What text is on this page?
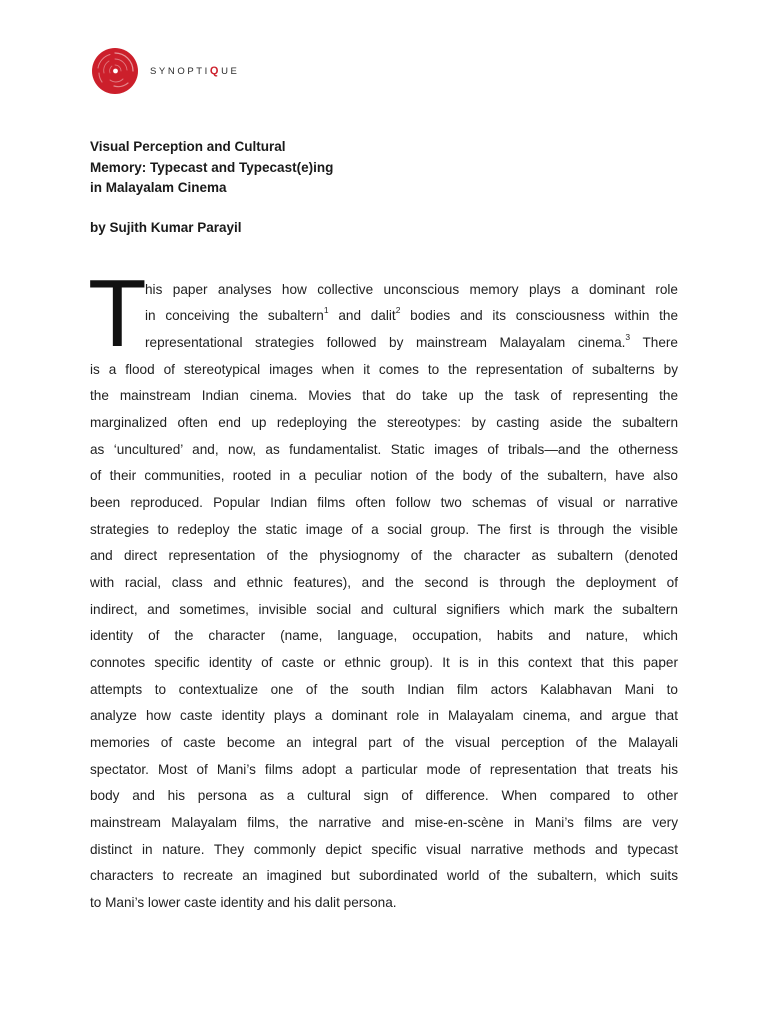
SYNOPTIQUE
Visual Perception and Cultural
Memory: Typecast and Typecast(e)ing
in Malayalam Cinema
by Sujith Kumar Parayil
T
his paper analyses how collective unconscious memory plays a dominant role
in conceiving the subaltern$^1$ and dalit$^2$ bodies and its consciousness within the
representational strategies followed by mainstream Malayalam cinema.$^3$ There
is a flood of stereotypical images when it comes to the representation of subalterns by
the mainstream Indian cinema. Movies that do take up the task of representing the
marginalized often end up redeploying the stereotypes: by casting aside the subaltern
as ‘uncultured’ and, now, as fundamentalist. Static images of tribals—and the otherness
of their communities, rooted in a peculiar notion of the body of the subaltern, have also
been reproduced. Popular Indian films often follow two schemas of visual or narrative
strategies to redeploy the static image of a social group. The first is through the visible
and direct representation of the physiognomy of the character as subaltern (denoted
with racial, class and ethnic features), and the second is through the deployment of
indirect, and sometimes, invisible social and cultural signifiers which mark the subaltern
identity of the character (name, language, occupation, habits and nature, which
connotes specific identity of caste or ethnic group). It is in this context that this paper
attempts to contextualize one of the south Indian film actors Kalabhavan Mani to
analyze how caste identity plays a dominant role in Malayalam cinema, and argue that
memories of caste become an integral part of the visual perception of the Malayali
spectator. Most of Mani’s films adopt a particular mode of representation that treats his
body and his persona as a cultural sign of difference. When compared to other
mainstream Malayalam films, the narrative and mise-en-scène in Mani’s films are very
distinct in nature. They commonly depict specific visual narrative methods and typecast
characters to recreate an imagined but subordinated world of the subaltern, which suits
to Mani’s lower caste identity and his dalit persona.
